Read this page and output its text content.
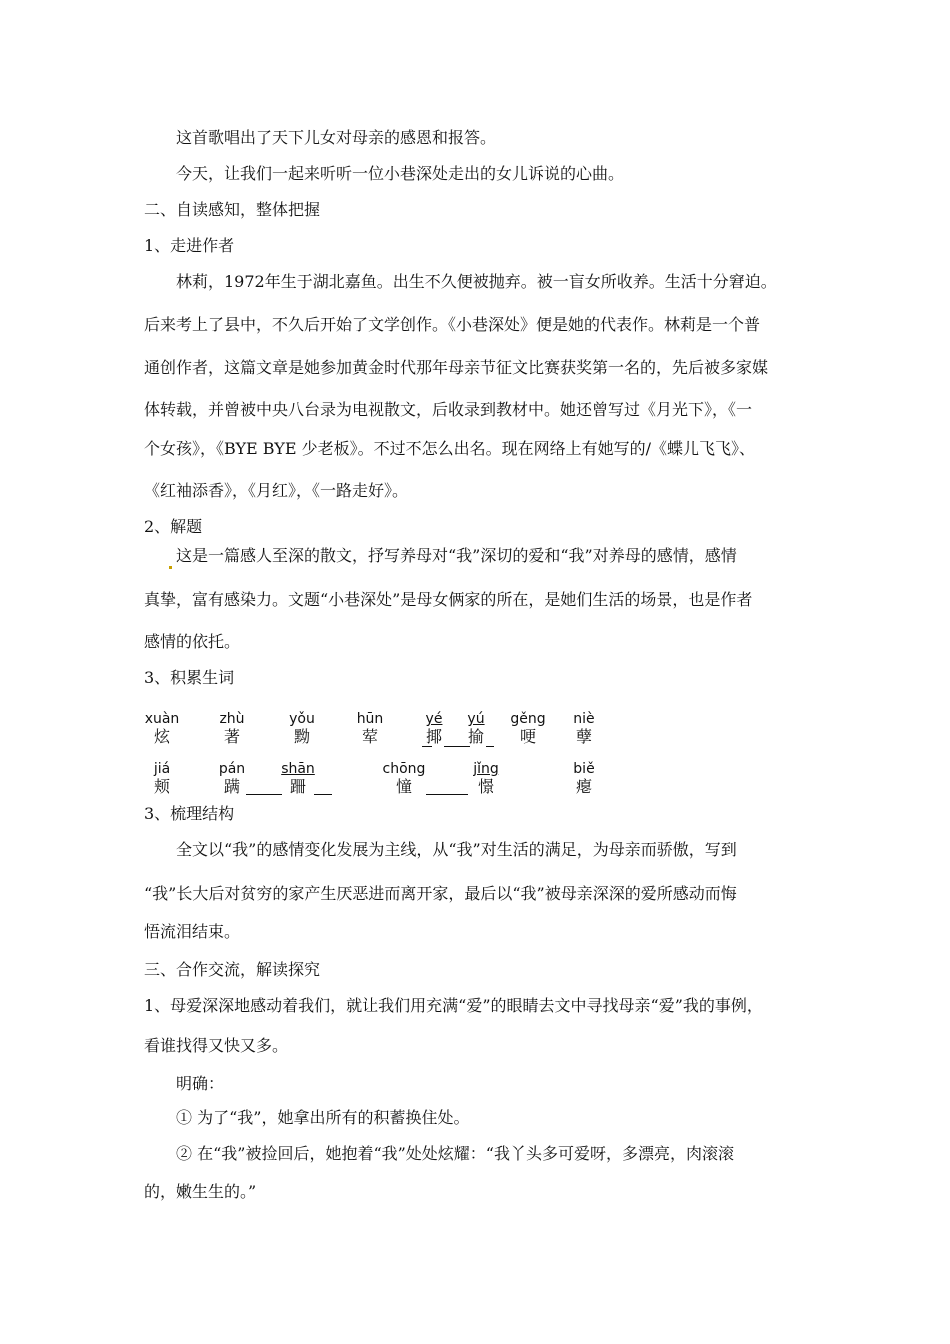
这首歌唱出了天下儿女对母亲的感恩和报答。
今天，让我们一起来听听一位小巷深处走出的女儿诉说的心曲。
二、自读感知，整体把握
1、走进作者
林莉，1972年生于湖北嘉鱼。出生不久便被抛弃。被一盲女所收养。生活十分窘迫。
后来考上了县中，不久后开始了文学创作。《小巷深处》便是她的代表作。林莉是一个普
通创作者，这篇文章是她参加黄金时代那年母亲节征文比赛获奖第一名的，先后被多家媒
体转载，并曾被中央八台录为电视散文，后收录到教材中。她还曾写过《月光下》，《一
个女孩》，《BYE BYE 少老板》。不过不怎么出名。现在网络上有她写的/《蝶儿飞飞》、
《红袖添香》，《月红》，《一路走好》。
2、解题
这是一篇感人至深的散文，抒写养母对“我”深切的爱和“我”对养母的感情，感情
真挚，富有感染力。文题“小巷深处”是母女俩家的所在，是她们生活的场景，也是作者
感情的依托。
3、积累生词
xuàn
炫
zhù
著
yǒu
黝
hūn
荤
yé
揶
yú
揄
gěng
哽
niè
孽
jiá
颊
pán
蹒
shān
跚
chōng
憧
jǐng
憬
biě
瘪
3、梳理结构
全文以“我”的感情变化发展为主线，从“我”对生活的满足，为母亲而骄傲，写到
“我”长大后对贫穷的家产生厌恶进而离开家，最后以“我”被母亲深深的爱所感动而悔
悟流泪结束。
三、合作交流，解读探究
1、母爱深深地感动着我们，就让我们用充满“爱”的眼睛去文中寻找母亲“爱”我的事例，
看谁找得又快又多。
明确：
① 为了“我”，她拿出所有的积蓄换住处。
② 在“我”被捡回后，她抱着“我”处处炫耀：“我丫头多可爱呀，多漂亮，肉滚滚
的，嫩生生的。”
